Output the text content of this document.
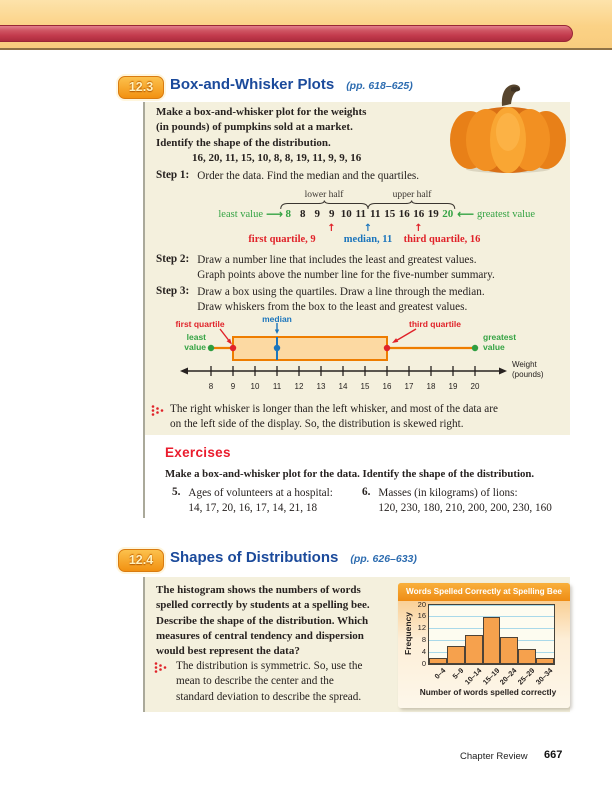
12.3	Box-and-Whisker Plots (pp. 618–625)
Make a box-and-whisker plot for the weights
(in pounds) of pumpkins sold at a market.
Identify the shape of the distribution.
16, 20, 11, 15, 10, 8, 8, 19, 11, 9, 9, 16
Step 1: Order the data. Find the median and the quartiles.
lower half	upper half
least value ⟶ 8 8 9 9 10 11 11 15 16 16 19 20 ⟵ greatest value
↑	↑	↑
first quartile, 9	median, 11 third quartile, 16
Step 2: Draw a number line that includes the least and greatest values.
Graph points above the number line for the five-number summary.
Step 3: Draw a box using the quartiles. Draw a line through the median.
Draw whiskers from the box to the least and greatest values.
8 9 10 11 12 13 14 15 16 17 18 19 20
first quartile	median	third quartile
least
value
greatest
value
Weight
(pounds)
The right whisker is longer than the left whisker, and most of the data are
on the left side of the display. So, the distribution is skewed right.
Exercises
Make a box-and-whisker plot for the data. Identify the shape of the distribution.
5. Ages of volunteers at a hospital:
14, 17, 20, 16, 17, 14, 21, 18
6. Masses (in kilograms) of lions:
120, 230, 180, 210, 200, 200, 230, 160
12.4	Shapes of Distributions (pp. 626–633)
The histogram shows the numbers of words
spelled correctly by students at a spelling bee.
Describe the shape of the distribution. Which
measures of central tendency and dispersion
would best represent the data?
The distribution is symmetric. So, use the
mean to describe the center and the
standard deviation to describe the spread.
Words Spelled Correctly at Spelling Bee
Frequency
0
4
8
12
16
20
0–4 5–9
10–14
15–19
20–24
25–29
30–34
Number of words spelled correctly
Chapter Review 667
